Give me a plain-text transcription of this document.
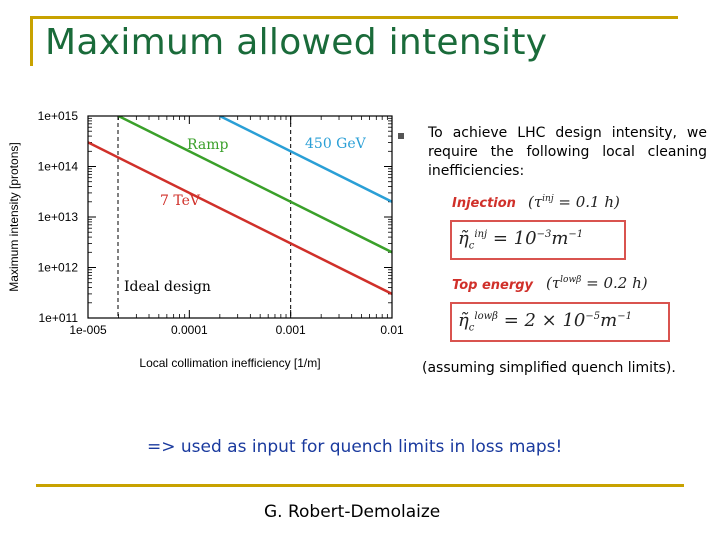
Maximum allowed intensity
1e-005	0.0001	0.001	0.01
1e+011
1e+012
1e+013
1e+014
1e+015
450 GeV
Ramp
7 TeV
Ideal design
Local collimation inefficiency [1/m]
Maximum intensity [protons]
To achieve LHC design intensity, we require the following local cleaning inefficiencies:
Injection ($\tau^{inj} = 0.1$ h)
$\etã_c^{inj} = 10^{-3}m^{-1}$
Top energy ($\tau^{low\beta} = 0.2$ h)
$\etã_c^{low\beta} = 2 \times 10^{-5}m^{-1}$
(assuming simplified quench limits).
=> used as input for quench limits in loss maps!
G. Robert-Demolaize
